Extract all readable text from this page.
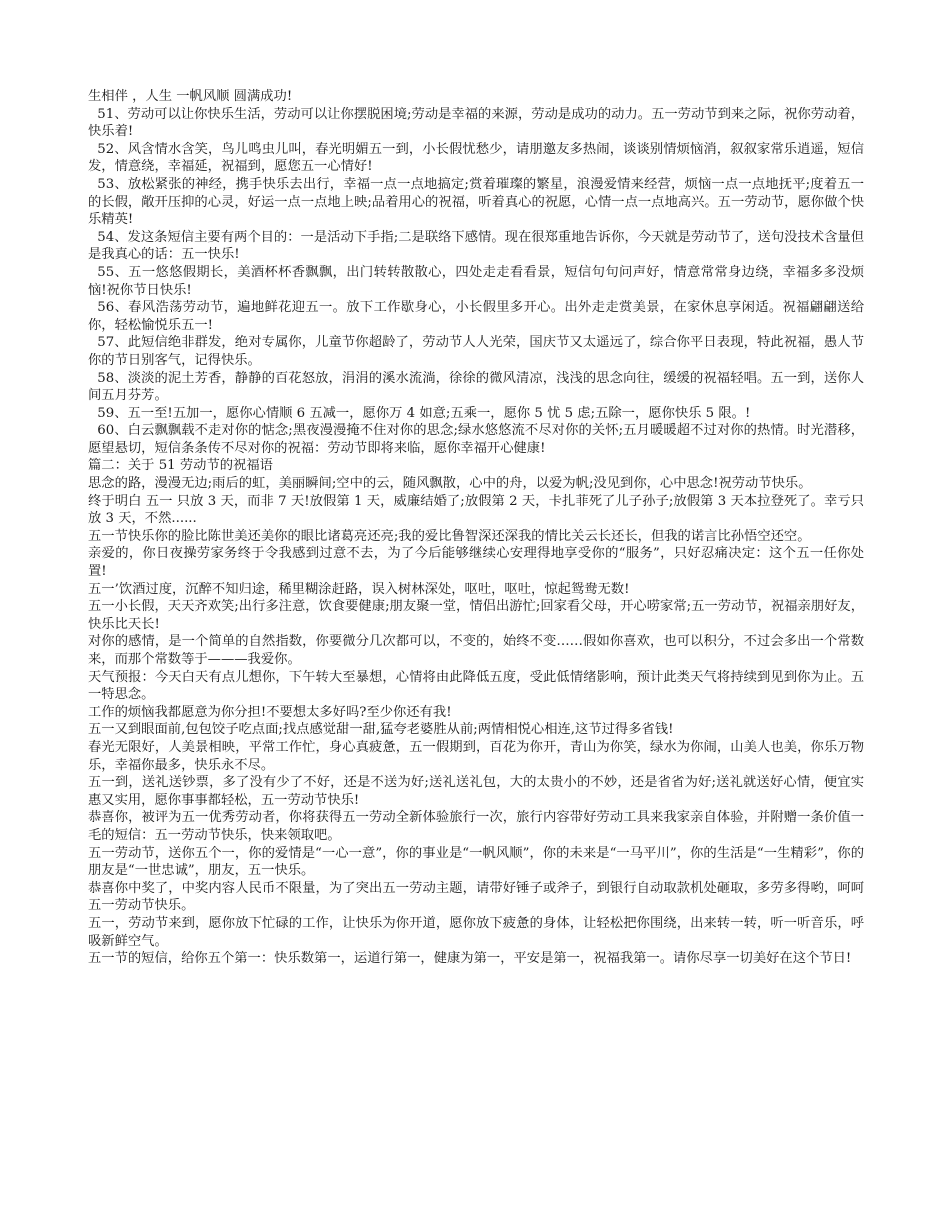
生相伴 ，人生 一帆风顺 圆满成功!

51、劳动可以让你快乐生活，劳动可以让你摆脱困境;劳动是幸福的来源，劳动是成功的动力。五一劳动节到来之际，祝你劳动着，快乐着!

52、风含情水含笑，鸟儿鸣虫儿叫，春光明媚五一到，小长假忧愁少，请朋邀友多热闹，谈谈别情烦恼消，叙叙家常乐逍遥，短信发，情意绕，幸福延，祝福到，愿您五一心情好!

53、放松紧张的神经，携手快乐去出行，幸福一点一点地搞定;赏着璀璨的繁星，浪漫爱情来经营，烦恼一点一点地抚平;度着五一的长假，敞开压抑的心灵，好运一点一点地上映;品着用心的祝福，听着真心的祝愿，心情一点一点地高兴。五一劳动节，愿你做个快乐精英!

54、发这条短信主要有两个目的：一是活动下手指;二是联络下感情。现在很郑重地告诉你，今天就是劳动节了，送句没技术含量但是我真心的话：五一快乐!

55、五一悠悠假期长，美酒杯杯香飘飘，出门转转散散心，四处走走看看景，短信句句问声好，情意常常身边绕，幸福多多没烦恼!祝你节日快乐!

56、春风浩荡劳动节，遍地鲜花迎五一。放下工作歇身心，小长假里多开心。出外走走赏美景，在家休息享闲适。祝福翩翩送给你，轻松愉悦乐五一!

57、此短信绝非群发，绝对专属你，儿童节你超龄了，劳动节人人光荣，国庆节又太遥远了，综合你平日表现，特此祝福，愚人节你的节日别客气，记得快乐。

58、淡淡的泥土芳香，静静的百花怒放，涓涓的溪水流淌，徐徐的微风清凉，浅浅的思念向往，缓缓的祝福轻唱。五一到，送你人间五月芬芳。

59、五一至!五加一，愿你心情顺 6 五减一，愿你万 4 如意;五乘一，愿你 5 忧 5 虑;五除一，愿你快乐 5 限。!

60、白云飘飘载不走对你的惦念;黑夜漫漫掩不住对你的思念;绿水悠悠流不尽对你的关怀;五月暖暖超不过对你的热情。时光潜移，愿望悬切，短信条条传不尽对你的祝福：劳动节即将来临，愿你幸福开心健康!

篇二：关于 51 劳动节的祝福语

思念的路，漫漫无边;雨后的虹，美丽瞬间;空中的云，随风飘散，心中的舟，以爱为帆;没见到你，心中思念!祝劳动节快乐。

终于明白 五一 只放 3 天，而非 7 天!放假第 1 天，威廉结婚了;放假第 2 天，卡扎菲死了儿子孙子;放假第 3 天本拉登死了。幸亏只放 3 天，不然......

五一节快乐你的脸比陈世美还美你的眼比诸葛亮还亮;我的爱比鲁智深还深我的情比关云长还长，但我的诺言比孙悟空还空。

亲爱的，你日夜操劳家务终于令我感到过意不去，为了今后能够继续心安理得地享受你的“服务”，只好忍痛决定：这个五一任你处置!

五一’饮酒过度，沉醉不知归途，稀里糊涂赶路，误入树林深处，呕吐，呕吐，惊起鸳鸯无数!

五一小长假，天天齐欢笑;出行多注意，饮食要健康;朋友聚一堂，情侣出游忙;回家看父母，开心唠家常;五一劳动节，祝福亲朋好友，快乐比天长!

对你的感情，是一个简单的自然指数，你要微分几次都可以，不变的，始终不变……假如你喜欢，也可以积分，不过会多出一个常数来，而那个常数等于———我爱你。

天气预报：今天白天有点儿想你，下午转大至暴想，心情将由此降低五度，受此低情绪影响，预计此类天气将持续到见到你为止。五一特思念。

工作的烦恼我都愿意为你分担!不要想太多好吗?至少你还有我!

五一又到眼面前,包包饺子吃点面;找点感觉甜一甜,猛夸老婆胜从前;两情相悦心相连,这节过得多省钱!

春光无限好，人美景相映，平常工作忙，身心真疲惫，五一假期到，百花为你开，青山为你笑，绿水为你闹，山美人也美，你乐万物乐，幸福你最多，快乐永不尽。

五一到，送礼送钞票，多了没有少了不好，还是不送为好;送礼送礼包，大的太贵小的不妙，还是省省为好;送礼就送好心情，便宜实惠又实用，愿你事事都轻松，五一劳动节快乐!

恭喜你，被评为五一优秀劳动者，你将获得五一劳动全新体验旅行一次，旅行内容带好劳动工具来我家亲自体验，并附赠一条价值一毛的短信：五一劳动节快乐，快来领取吧。

五一劳动节，送你五个一，你的爱情是“一心一意”，你的事业是“一帆风顺”，你的未来是“一马平川”，你的生活是“一生精彩”，你的朋友是“一世忠诚”，朋友，五一快乐。

恭喜你中奖了，中奖内容人民币不限量，为了突出五一劳动主题，请带好锤子或斧子，到银行自动取款机处砸取，多劳多得哟，呵呵五一劳动节快乐。

五一，劳动节来到，愿你放下忙碌的工作，让快乐为你开道，愿你放下疲惫的身体，让轻松把你围绕，出来转一转，听一听音乐，呼吸新鲜空气。

五一节的短信，给你五个第一：快乐数第一，运道行第一，健康为第一，平安是第一，祝福我第一。请你尽享一切美好在这个节日!
